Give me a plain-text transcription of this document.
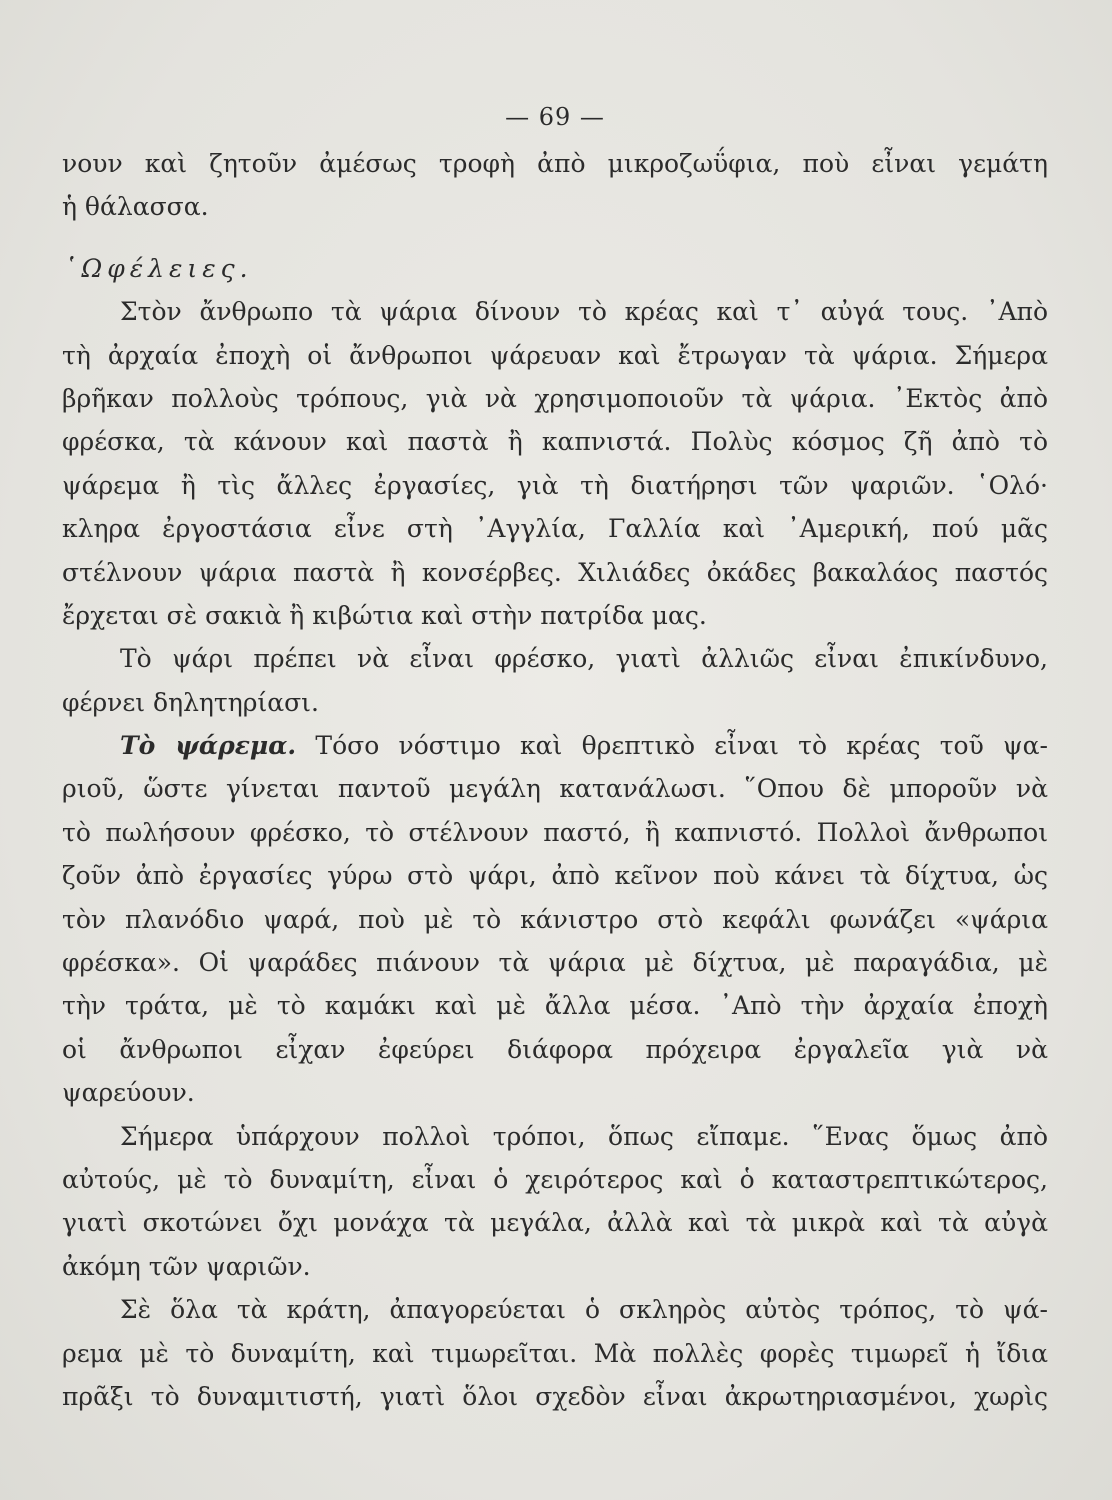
— 69 —
νουν καὶ ζητοῦν ἀμέσως τροφὴ ἀπὸ μικροζωΰφια, ποὺ εἶναι γεμάτη
ἡ θάλασσα.
῾Ωφέλειες.
Στὸν ἄνθρωπο τὰ ψάρια δίνουν τὸ κρέας καὶ τ᾽ αὐγά τους. ᾽Απὸ
τὴ ἀρχαία ἐποχὴ οἱ ἄνθρωποι ψάρευαν καὶ ἔτρωγαν τὰ ψάρια. Σήμερα
βρῆκαν πολλοὺς τρόπους, γιὰ νὰ χρησιμοποιοῦν τὰ ψάρια. ᾽Εκτὸς ἀπὸ
φρέσκα, τὰ κάνουν καὶ παστὰ ἢ καπνιστά. Πολὺς κόσμος ζῆ ἀπὸ τὸ
ψάρεμα ἢ τὶς ἄλλες ἐργασίες, γιὰ τὴ διατήρησι τῶν ψαριῶν. ῾Ολό·
κληρα ἐργοστάσια εἶνε στὴ ᾽Αγγλία, Γαλλία καὶ ᾽Αμερική, πού μᾶς
στέλνουν ψάρια παστὰ ἢ κονσέρβες. Χιλιάδες ὀκάδες βακαλάος παστός
ἔρχεται σὲ σακιὰ ἢ κιβώτια καὶ στὴν πατρίδα μας.
Τὸ ψάρι πρέπει νὰ εἶναι φρέσκο, γιατὶ ἀλλιῶς εἶναι ἐπικίνδυνο,
φέρνει δηλητηρίασι.
Τὸ ψάρεμα. Τόσο νόστιμο καὶ θρεπτικὸ εἶναι τὸ κρέας τοῦ ψα-
ριοῦ, ὥστε γίνεται παντοῦ μεγάλη κατανάλωσι. ῞Οπου δὲ μποροῦν νὰ
τὸ πωλήσουν φρέσκο, τὸ στέλνουν παστό, ἢ καπνιστό. Πολλοὶ ἄνθρωποι
ζοῦν ἀπὸ ἐργασίες γύρω στὸ ψάρι, ἀπὸ κεῖνον ποὺ κάνει τὰ δίχτυα, ὡς
τὸν πλανόδιο ψαρά, ποὺ μὲ τὸ κάνιστρο στὸ κεφάλι φωνάζει «ψάρια
φρέσκα». Οἱ ψαράδες πιάνουν τὰ ψάρια μὲ δίχτυα, μὲ παραγάδια, μὲ
τὴν τράτα, μὲ τὸ καμάκι καὶ μὲ ἄλλα μέσα. ᾽Απὸ τὴν ἀρχαία ἐποχὴ
οἱ ἄνθρωποι εἶχαν ἐφεύρει διάφορα πρόχειρα ἐργαλεῖα γιὰ νὰ
ψαρεύουν.
Σήμερα ὑπάρχουν πολλοὶ τρόποι, ὅπως εἴπαμε. ῞Ενας ὅμως ἀπὸ
αὐτούς, μὲ τὸ δυναμίτη, εἶναι ὁ χειρότερος καὶ ὁ καταστρεπτικώτερος,
γιατὶ σκοτώνει ὄχι μονάχα τὰ μεγάλα, ἀλλὰ καὶ τὰ μικρὰ καὶ τὰ αὐγὰ
ἀκόμη τῶν ψαριῶν.
Σὲ ὅλα τὰ κράτη, ἀπαγορεύεται ὁ σκληρὸς αὐτὸς τρόπος, τὸ ψά-
ρεμα μὲ τὸ δυναμίτη, καὶ τιμωρεῖται. Μὰ πολλὲς φορὲς τιμωρεῖ ἡ ἴδια
πρᾶξι τὸ δυναμιτιστή, γιατὶ ὅλοι σχεδὸν εἶναι ἀκρωτηριασμένοι, χωρὶς
